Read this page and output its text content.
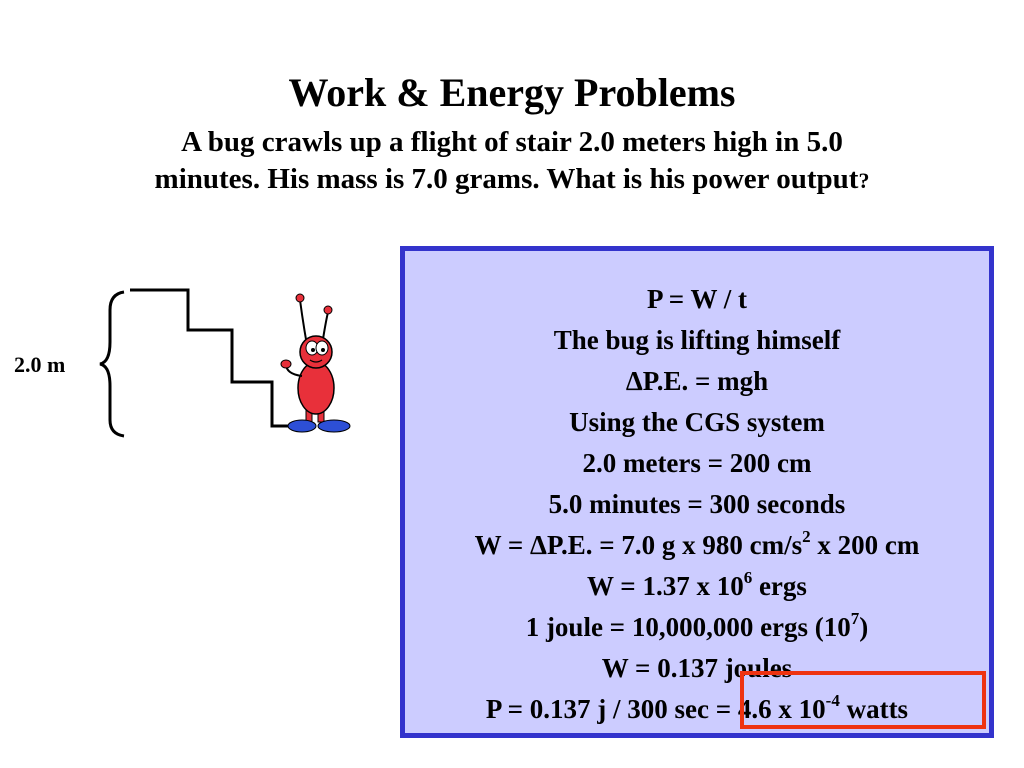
Work & Energy Problems
A bug crawls up a flight of stair 2.0 meters high in 5.0
minutes. His mass is 7.0 grams. What is his power output?
2.0 m
P = W / t
The bug is lifting himself
ΔP.E. = mgh
Using the CGS system
2.0 meters = 200 cm
5.0 minutes = 300 seconds
W = ΔP.E. = 7.0 g x 980 $cm/s^2$ x 200 cm
W = 1.37 x $10^6$ ergs
1 joule = 10,000,000 ergs $(10^7)$
W = 0.137 joules
P = 0.137 j / 300 sec = 4.6 x $10^{-4}$ watts
